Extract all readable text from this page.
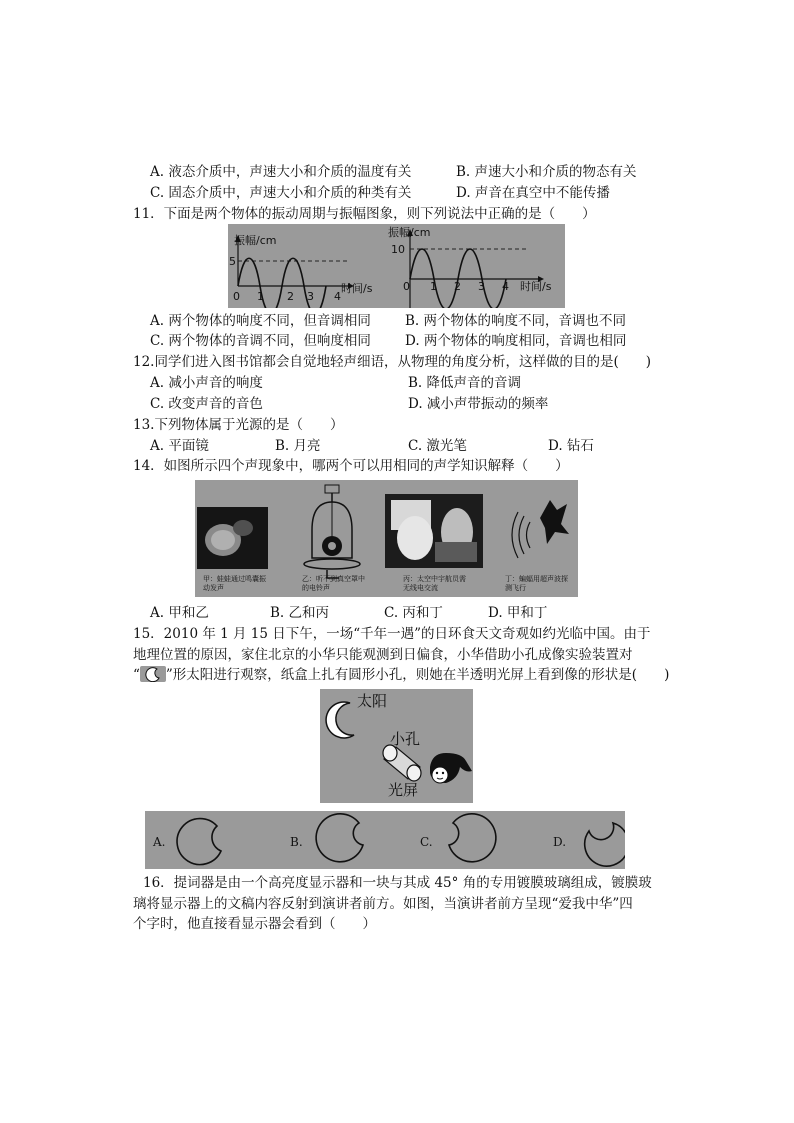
A. 液态介质中，声速大小和介质的温度有关	B. 声速大小和介质的物态有关
C. 固态介质中，声速大小和介质的种类有关	D. 声音在真空中不能传播
11．下面是两个物体的振动周期与振幅图象，则下列说法中正确的是（　　）
振幅/cm
5
0 1 2 3 4
时间/s
振幅/cm
10
0 1 2 3 4 时间/s
A. 两个物体的响度不同，但音调相同	B. 两个物体的响度不同，音调也不同
C. 两个物体的音调不同，但响度相同	D. 两个物体的响度相同，音调也相同
12.同学们进入图书馆都会自觉地轻声细语，从物理的角度分析，这样做的目的是(　　)
A. 减小声音的响度	B. 降低声音的音调
C. 改变声音的音色	D. 减小声带振动的频率
13.下列物体属于光源的是（　　）
A. 平面镜	B. 月亮	C. 激光笔	D. 钻石
14．如图所示四个声现象中，哪两个可以用相同的声学知识解释（　　）
甲：蛙蛙通过鸣囊振动发声
乙：听不到真空罩中的电铃声
丙：太空中宇航员需无线电交流
丁：蝙蝠用超声波探测飞行
A. 甲和乙	B. 乙和丙	C. 丙和丁	D. 甲和丁
15．2010 年 1 月 15 日下午，一场“千年一遇”的日环食天文奇观如约光临中国。由于
地理位置的原因，家住北京的小华只能观测到日偏食，小华借助小孔成像实验装置对
“ ”形太阳进行观察，纸盒上扎有圆形小孔，则她在半透明光屏上看到像的形状是(　　)
太阳
小孔
光屏
A.	B.	C.	D.
16．提词器是由一个高亮度显示器和一块与其成 45° 角的专用镀膜玻璃组成，镀膜玻
璃将显示器上的文稿内容反射到演讲者前方。如图，当演讲者前方呈现“爱我中华”四
个字时，他直接看显示器会看到（　　）
